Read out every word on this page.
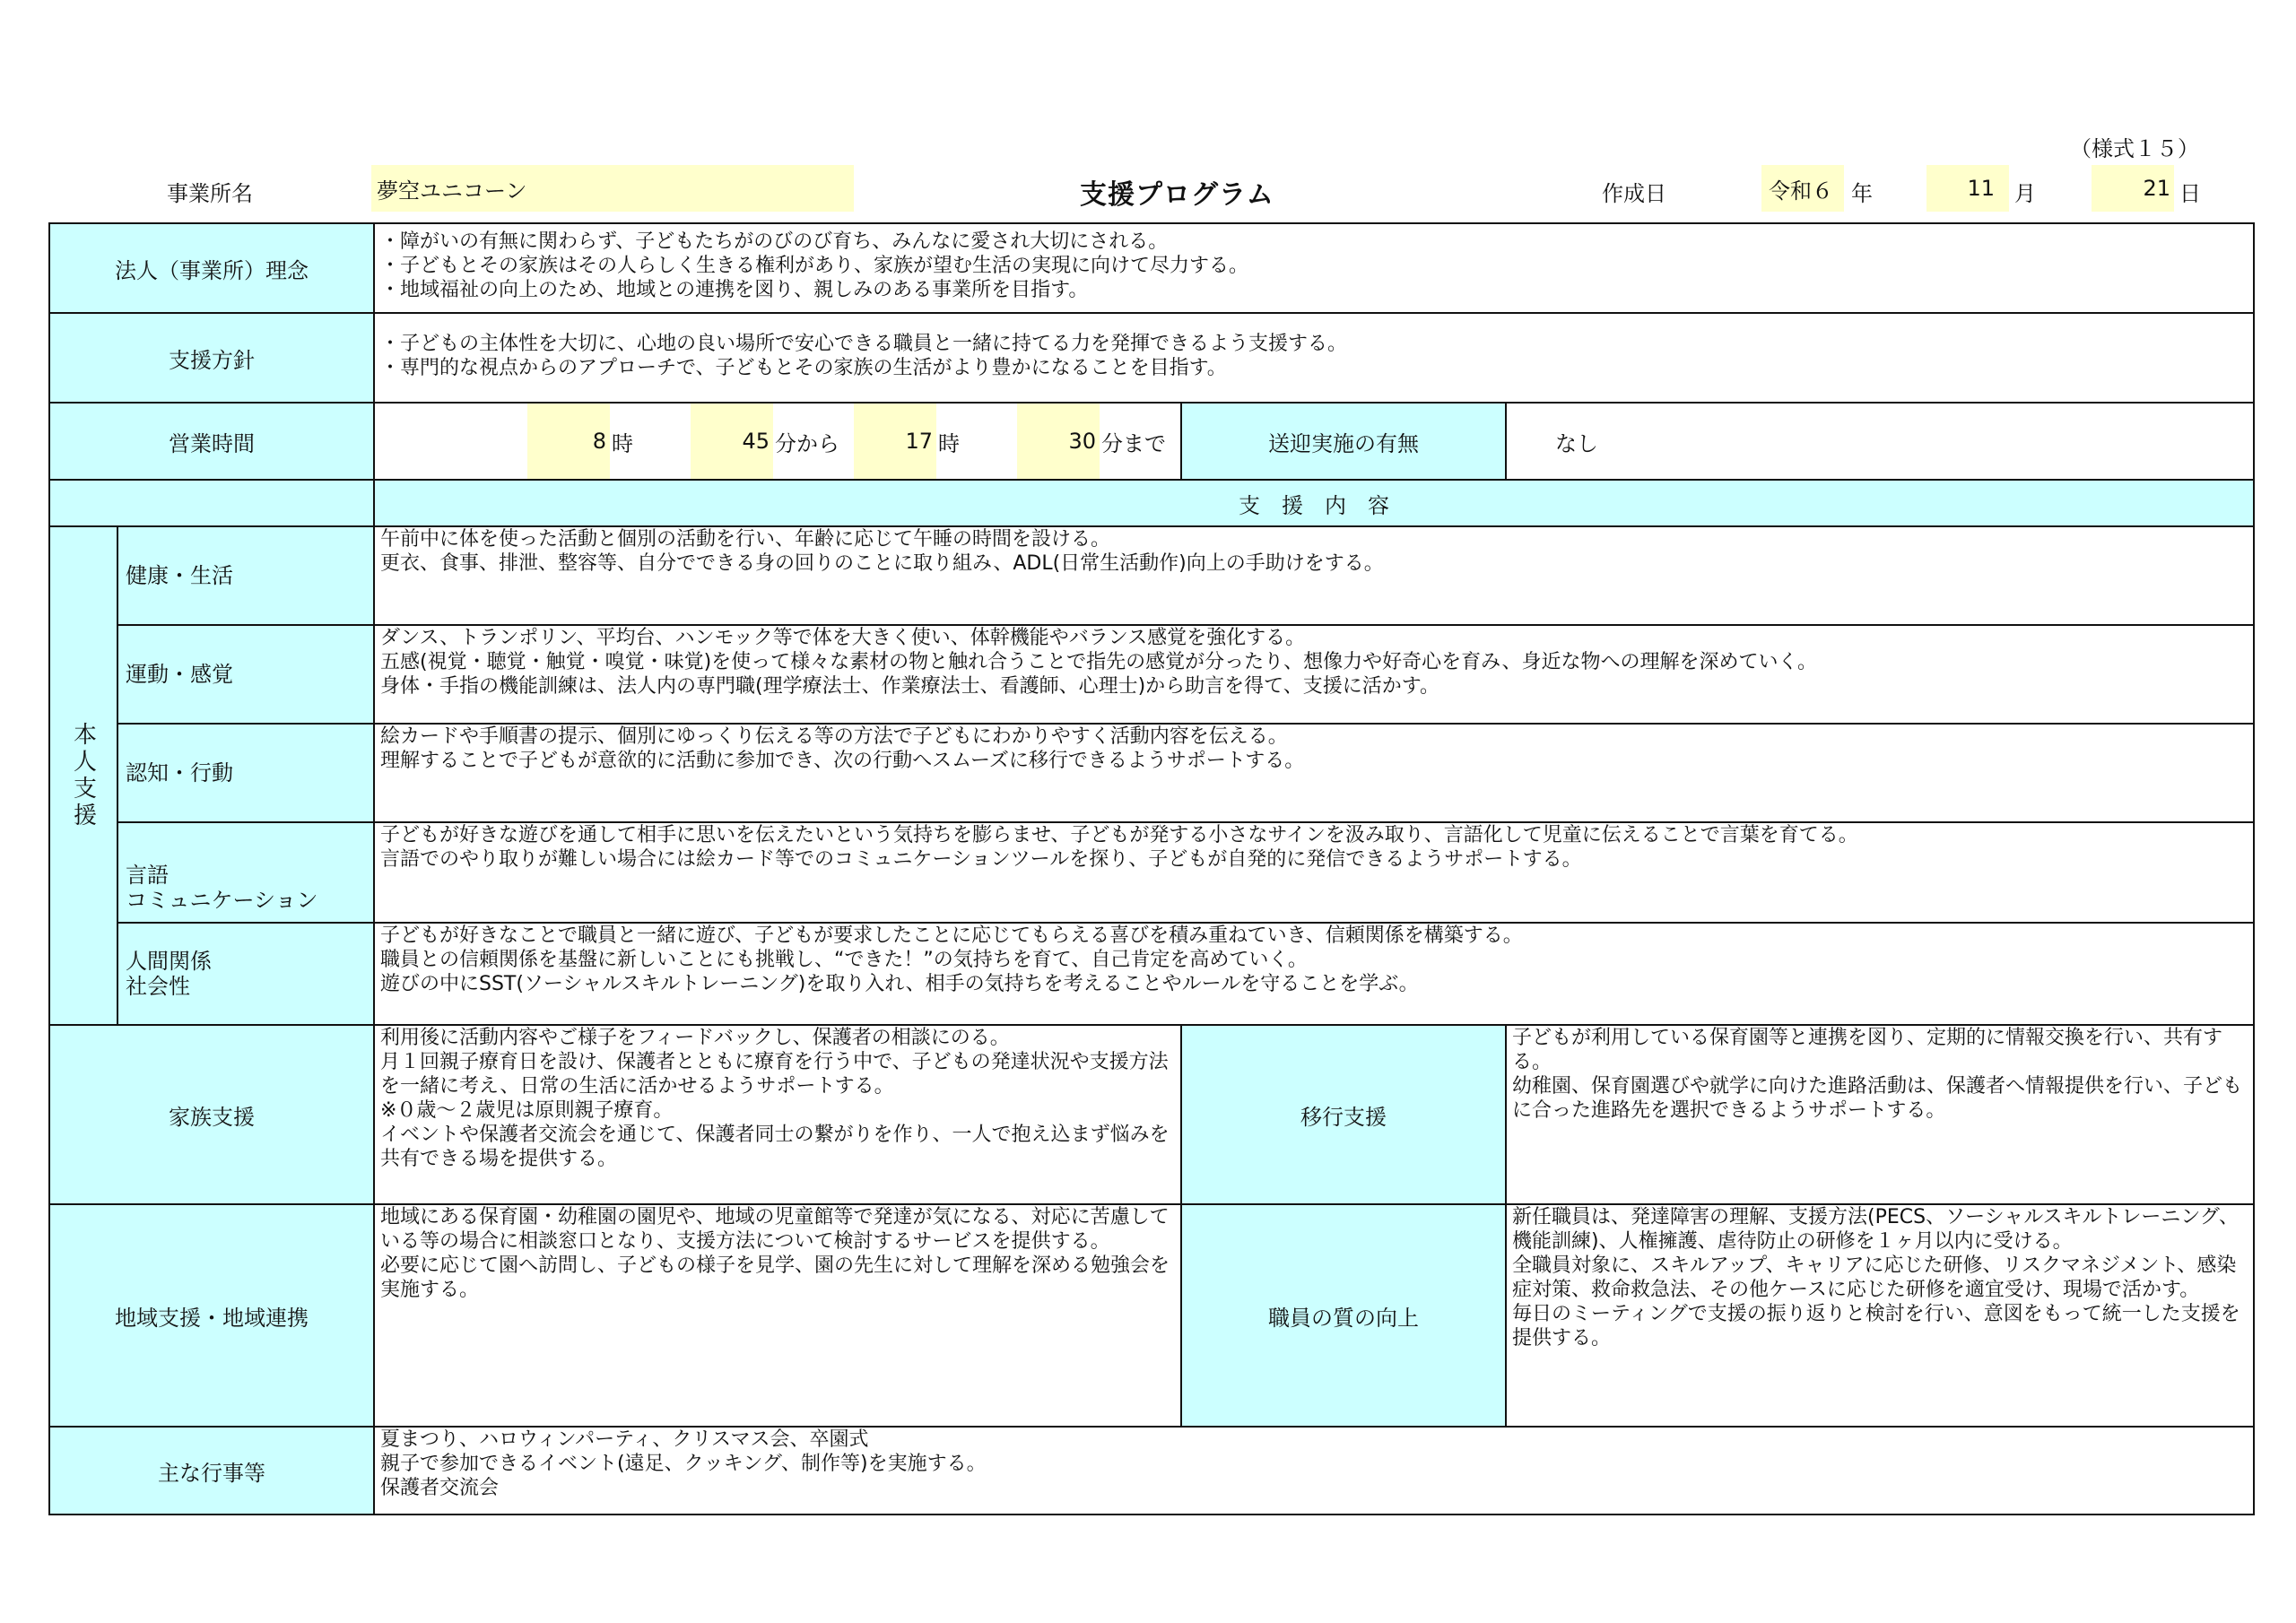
（様式１５）
事業所名	夢空ユニコーン	支援プログラム	作成日	令和６ 年	11 月	21 日
法人（事業所）理念
・障がいの有無に関わらず、子どもたちがのびのび育ち、みんなに愛され大切にされる。
・子どもとその家族はその人らしく生きる権利があり、家族が望む生活の実現に向けて尽力する。
・地域福祉の向上のため、地域との連携を図り、親しみのある事業所を目指す。
支援方針
・子どもの主体性を大切に、心地の良い場所で安心できる職員と一緒に持てる力を発揮できるよう支援する。
・専門的な視点からのアプローチで、子どもとその家族の生活がより豊かになることを目指す。
営業時間	8 時	45 分から	17 時	30 分まで	送迎実施の有無	なし
支　援　内　容
本人支援
健康・生活
午前中に体を使った活動と個別の活動を行い、年齢に応じて午睡の時間を設ける。
更衣、食事、排泄、整容等、自分でできる身の回りのことに取り組み、ADL(日常生活動作)向上の手助けをする。
運動・感覚
ダンス、トランポリン、平均台、ハンモック等で体を大きく使い、体幹機能やバランス感覚を強化する。
五感(視覚・聴覚・触覚・嗅覚・味覚)を使って様々な素材の物と触れ合うことで指先の感覚が分ったり、想像力や好奇心を育み、身近な物への理解を深めていく。
身体・手指の機能訓練は、法人内の専門職(理学療法士、作業療法士、看護師、心理士)から助言を得て、支援に活かす。
認知・行動
絵カードや手順書の提示、個別にゆっくり伝える等の方法で子どもにわかりやすく活動内容を伝える。
理解することで子どもが意欲的に活動に参加でき、次の行動へスムーズに移行できるようサポートする。
言語
コミュニケーション
子どもが好きな遊びを通して相手に思いを伝えたいという気持ちを膨らませ、子どもが発する小さなサインを汲み取り、言語化して児童に伝えることで言葉を育てる。
言語でのやり取りが難しい場合には絵カード等でのコミュニケーションツールを探り、子どもが自発的に発信できるようサポートする。
人間関係
社会性
子どもが好きなことで職員と一緒に遊び、子どもが要求したことに応じてもらえる喜びを積み重ねていき、信頼関係を構築する。
職員との信頼関係を基盤に新しいことにも挑戦し、“できた！”の気持ちを育て、自己肯定を高めていく。
遊びの中にSST(ソーシャルスキルトレーニング)を取り入れ、相手の気持ちを考えることやルールを守ることを学ぶ。
家族支援
利用後に活動内容やご様子をフィードバックし、保護者の相談にのる。
月１回親子療育日を設け、保護者とともに療育を行う中で、子どもの発達状況や支援方法を一緒に考え、日常の生活に活かせるようサポートする。
※０歳～２歳児は原則親子療育。
イベントや保護者交流会を通じて、保護者同士の繋がりを作り、一人で抱え込まず悩みを共有できる場を提供する。
移行支援
子どもが利用している保育園等と連携を図り、定期的に情報交換を行い、共有する。
幼稚園、保育園選びや就学に向けた進路活動は、保護者へ情報提供を行い、子どもに合った進路先を選択できるようサポートする。
地域支援・地域連携
地域にある保育園・幼稚園の園児や、地域の児童館等で発達が気になる、対応に苦慮している等の場合に相談窓口となり、支援方法について検討するサービスを提供する。
必要に応じて園へ訪問し、子どもの様子を見学、園の先生に対して理解を深める勉強会を実施する。
職員の質の向上
新任職員は、発達障害の理解、支援方法(PECS、ソーシャルスキルトレーニング、機能訓練)、人権擁護、虐待防止の研修を１ヶ月以内に受ける。
全職員対象に、スキルアップ、キャリアに応じた研修、リスクマネジメント、感染症対策、救命救急法、その他ケースに応じた研修を適宜受け、現場で活かす。
毎日のミーティングで支援の振り返りと検討を行い、意図をもって統一した支援を提供する。
主な行事等
夏まつり、ハロウィンパーティ、クリスマス会、卒園式
親子で参加できるイベント(遠足、クッキング、制作等)を実施する。
保護者交流会
